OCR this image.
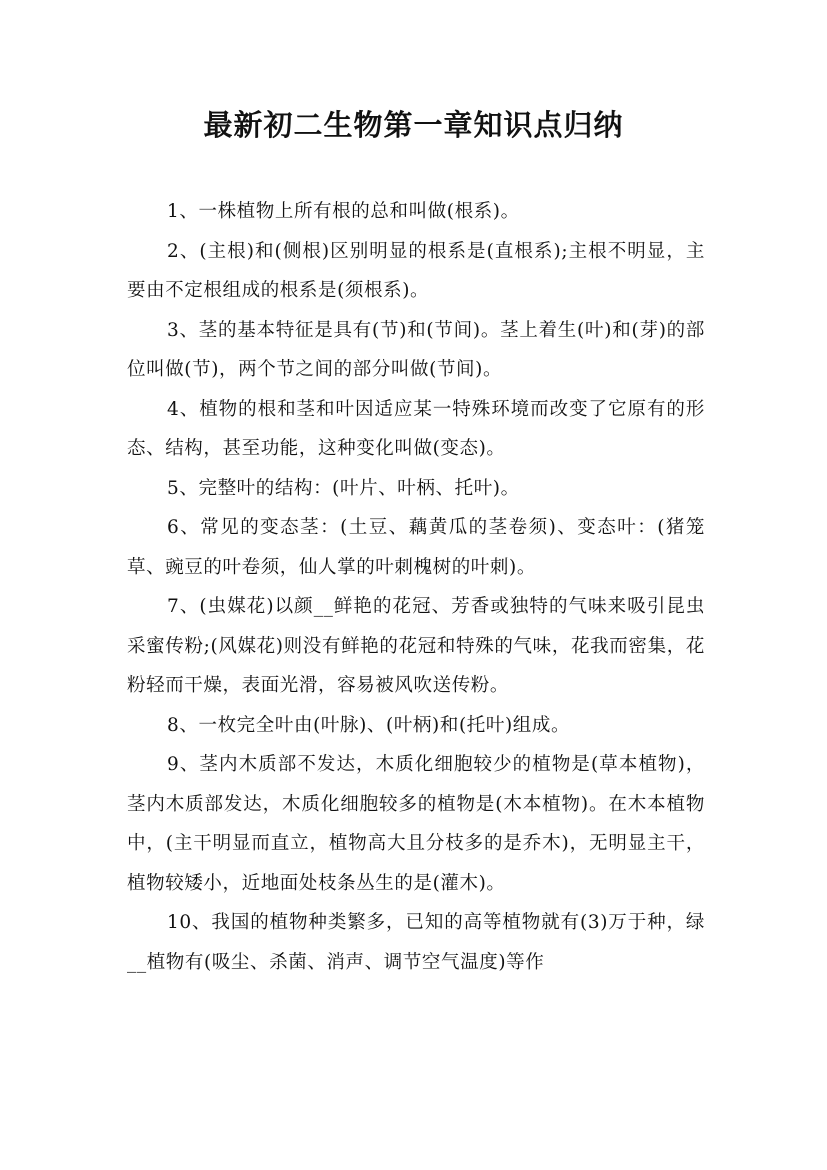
最新初二生物第一章知识点归纳

1、一株植物上所有根的总和叫做(根系)。

2、(主根)和(侧根)区别明显的根系是(直根系);主根不明显，主要由不定根组成的根系是(须根系)。

3、茎的基本特征是具有(节)和(节间)。茎上着生(叶)和(芽)的部位叫做(节)，两个节之间的部分叫做(节间)。

4、植物的根和茎和叶因适应某一特殊环境而改变了它原有的形态、结构，甚至功能，这种变化叫做(变态)。

5、完整叶的结构：(叶片、叶柄、托叶)。

6、常见的变态茎：(土豆、藕黄瓜的茎卷须)、变态叶：(猪笼草、豌豆的叶卷须，仙人掌的叶刺槐树的叶刺)。

7、(虫媒花)以颜__鲜艳的花冠、芳香或独特的气味来吸引昆虫采蜜传粉;(风媒花)则没有鲜艳的花冠和特殊的气味，花我而密集，花粉轻而干燥，表面光滑，容易被风吹送传粉。

8、一枚完全叶由(叶脉)、(叶柄)和(托叶)组成。

9、茎内木质部不发达，木质化细胞较少的植物是(草本植物)，茎内木质部发达，木质化细胞较多的植物是(木本植物)。在木本植物中，(主干明显而直立，植物高大且分枝多的是乔木)，无明显主干，植物较矮小，近地面处枝条丛生的是(灌木)。

10、我国的植物种类繁多，已知的高等植物就有(3)万于种，绿__植物有(吸尘、杀菌、消声、调节空气温度)等作
